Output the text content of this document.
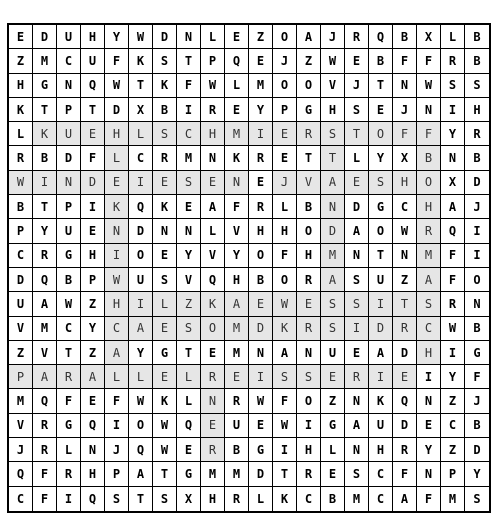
E	D	U	H	Y	W	D	N	L	E	Z	O	A	J	R	Q	B	X	L	B
Z	M	C	U	F	K	S	T	P	Q	E	J	Z	W	E	B	F	F	R	B
H	G	N	Q	W	T	K	F	W	L	M	O	O	V	J	T	N	W	S	S
K	T	P	T	D	X	B	I	R	E	Y	P	G	H	S	E	J	N	I	H
L	K	U	E	H	L	S	C	H	M	I	E	R	S	T	O	F	F	Y	R
R	B	D	F	L	C	R	M	N	K	R	E	T	T	L	Y	X	B	N	B
W	I	N	D	E	I	E	S	E	N	E	J	V	A	E	S	H	O	X	D
B	T	P	I	K	Q	K	E	A	F	R	L	B	N	D	G	C	H	A	J
P	Y	U	E	N	D	N	N	L	V	H	H	O	D	A	O	W	R	Q	I
C	R	G	H	I	O	E	Y	V	Y	O	F	H	M	N	T	N	M	F	I
D	Q	B	P	W	U	S	V	Q	H	B	O	R	A	S	U	Z	A	F	O
U	A	W	Z	H	I	L	Z	K	A	E	W	E	S	S	I	T	S	R	N
V	M	C	Y	C	A	E	S	O	M	D	K	R	S	I	D	R	C	W	B
Z	V	T	Z	A	Y	G	T	E	M	N	A	N	U	E	A	D	H	I	G
P	A	R	A	L	L	E	L	R	E	I	S	S	E	R	I	E	I	Y	F
M	Q	F	E	F	W	K	L	N	R	W	F	O	Z	N	K	Q	N	Z	J
V	R	G	Q	I	O	W	Q	E	U	E	W	I	G	A	U	D	E	C	B
J	R	L	N	J	Q	W	E	R	B	G	I	H	L	N	H	R	Y	Z	D
Q	F	R	H	P	A	T	G	M	M	D	T	R	E	S	C	F	N	P	Y
C	F	I	Q	S	T	S	X	H	R	L	K	C	B	M	C	A	F	M	S
